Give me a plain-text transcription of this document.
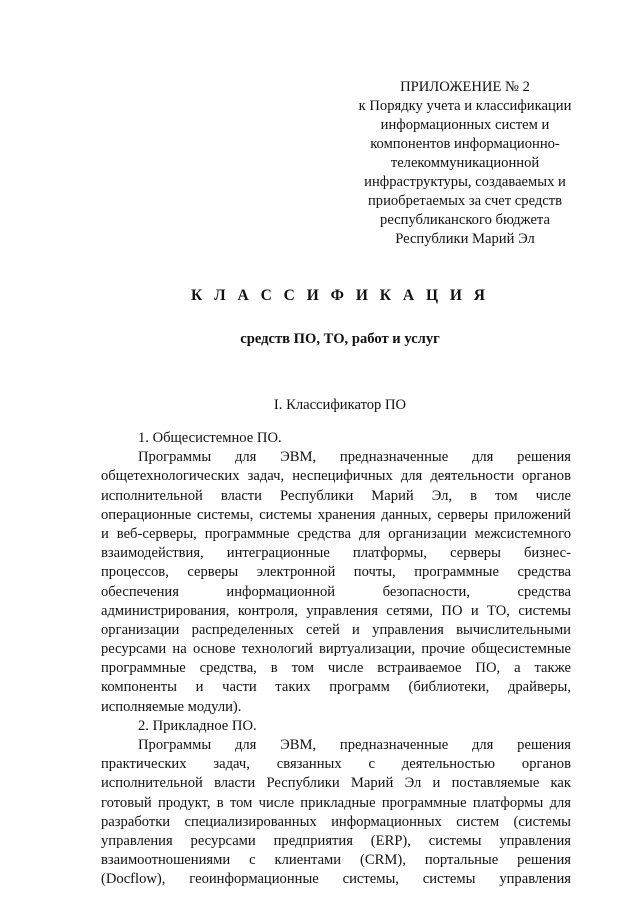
ПРИЛОЖЕНИЕ № 2
к Порядку учета и классификации
информационных систем и
компонентов информационно-
телекоммуникационной
инфраструктуры, создаваемых и
приобретаемых за счет средств
республиканского бюджета
Республики Марий Эл
К Л А С С И Ф И К А Ц И Я
средств ПО, ТО, работ и услуг
I. Классификатор ПО
1. Общесистемное ПО.
Программы для ЭВМ, предназначенные для решения
общетехнологических задач, неспецифичных для деятельности органов
исполнительной власти Республики Марий Эл, в том числе
операционные системы, системы хранения данных, серверы приложений
и веб-серверы, программные средства для организации межсистемного
взаимодействия, интеграционные платформы, серверы бизнес-
процессов, серверы электронной почты, программные средства
обеспечения информационной безопасности, средства
администрирования, контроля, управления сетями, ПО и ТО, системы
организации распределенных сетей и управления вычислительными
ресурсами на основе технологий виртуализации, прочие общесистемные
программные средства, в том числе встраиваемое ПО, а также
компоненты и части таких программ (библиотеки, драйверы,
исполняемые модули).
2. Прикладное ПО.
Программы для ЭВМ, предназначенные для решения
практических задач, связанных с деятельностью органов
исполнительной власти Республики Марий Эл и поставляемые как
готовый продукт, в том числе прикладные программные платформы для
разработки специализированных информационных систем (системы
управления ресурсами предприятия (ERP), системы управления
взаимоотношениями с клиентами (CRM), портальные решения
(Docflow), геоинформационные системы, системы управления
